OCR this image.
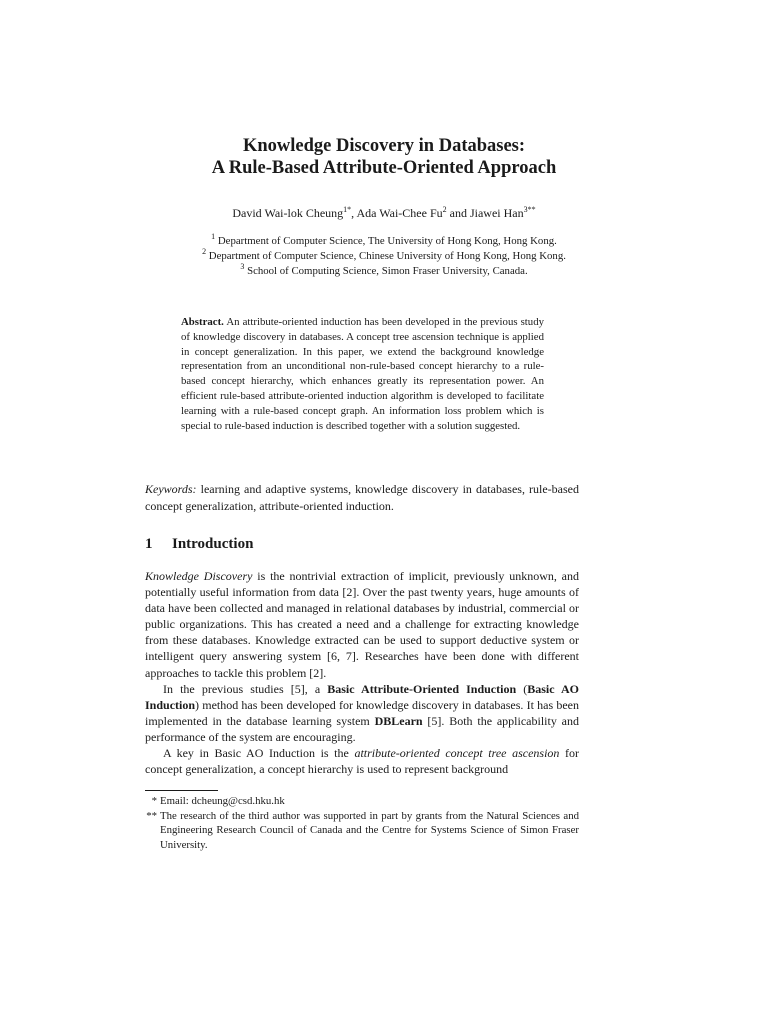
Knowledge Discovery in Databases:
A Rule-Based Attribute-Oriented Approach
David Wai-lok Cheung$^{1*}$, Ada Wai-Chee Fu$^2$ and Jiawei Han$^{3**}$
$^1$ Department of Computer Science, The University of Hong Kong, Hong Kong.
$^2$ Department of Computer Science, Chinese University of Hong Kong, Hong Kong.
$^3$ School of Computing Science, Simon Fraser University, Canada.

Abstract. An attribute-oriented induction has been developed in the previous study of knowledge discovery in databases. A concept tree ascension technique is applied in concept generalization. In this paper, we extend the background knowledge representation from an unconditional non-rule-based concept hierarchy to a rule-based concept hierarchy, which enhances greatly its representation power. An efficient rule-based attribute-oriented induction algorithm is developed to facilitate learning with a rule-based concept graph. An information loss problem which is special to rule-based induction is described together with a solution suggested.

Keywords: learning and adaptive systems, knowledge discovery in databases, rule-based concept generalization, attribute-oriented induction.

1 Introduction

Knowledge Discovery is the nontrivial extraction of implicit, previously unknown, and potentially useful information from data [2]. Over the past twenty years, huge amounts of data have been collected and managed in relational databases by industrial, commercial or public organizations. This has created a need and a challenge for extracting knowledge from these databases. Knowledge extracted can be used to support deductive system or intelligent query answering system [6, 7]. Researches have been done with different approaches to tackle this problem [2].

In the previous studies [5], a Basic Attribute-Oriented Induction (Basic AO Induction) method has been developed for knowledge discovery in databases. It has been implemented in the database learning system DBLearn [5]. Both the applicability and performance of the system are encouraging.

A key in Basic AO Induction is the attribute-oriented concept tree ascension for concept generalization, a concept hierarchy is used to represent background

* Email: dcheung@csd.hku.hk

** The research of the third author was supported in part by grants from the Natural Sciences and Engineering Research Council of Canada and the Centre for Systems Science of Simon Fraser University.
